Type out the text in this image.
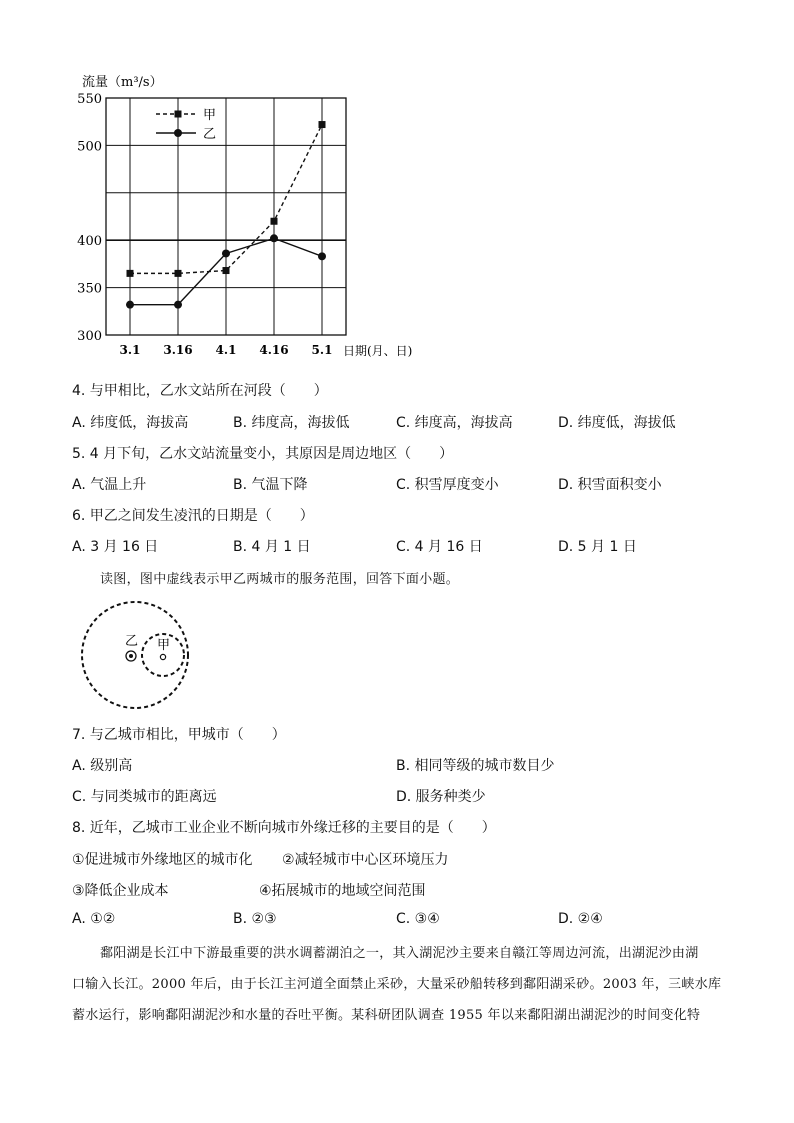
流量（m³/s）
300
350
400
500
550
3.1 3.16 4.1 4.16 5.1
甲
乙
日期(月、日)
4. 与甲相比，乙水文站所在河段（　　）
A. 纬度低，海拔高	B. 纬度高，海拔低	C. 纬度高，海拔高	D. 纬度低，海拔低
5. 4 月下旬，乙水文站流量变小，其原因是周边地区（　　）
A. 气温上升	B. 气温下降	C. 积雪厚度变小	D. 积雪面积变小
6. 甲乙之间发生凌汛的日期是（　　）
A. 3 月 16 日	B. 4 月 1 日	C. 4 月 16 日	D. 5 月 1 日
读图，图中虚线表示甲乙两城市的服务范围，回答下面小题。
乙 甲
7. 与乙城市相比，甲城市（　　）
A. 级别高	B. 相同等级的城市数目少
C. 与同类城市的距离远	D. 服务种类少
8. 近年，乙城市工业企业不断向城市外缘迁移的主要目的是（　　）
①促进城市外缘地区的城市化 ②减轻城市中心区环境压力
③降低企业成本	④拓展城市的地域空间范围
A. ①②	B. ②③	C. ③④	D. ②④
鄱阳湖是长江中下游最重要的洪水调蓄湖泊之一，其入湖泥沙主要来自赣江等周边河流，出湖泥沙由湖
口输入长江。2000 年后，由于长江主河道全面禁止采砂，大量采砂船转移到鄱阳湖采砂。2003 年，三峡水库
蓄水运行，影响鄱阳湖泥沙和水量的吞吐平衡。某科研团队调查 1955 年以来鄱阳湖出湖泥沙的时间变化特
